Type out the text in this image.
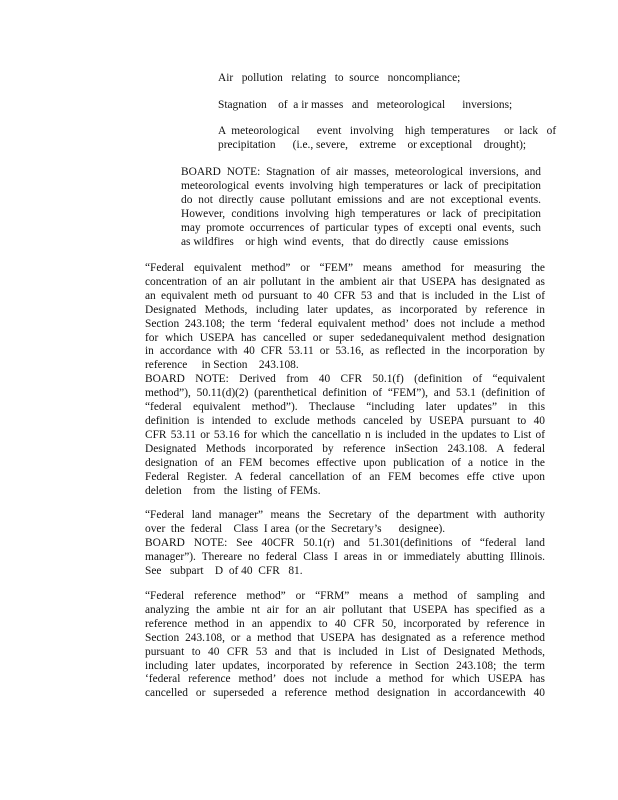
Air   pollution   relating   to  source   noncompliance;
Stagnation    of  a ir masses   and   meteorological      inversions;
A  meteorological      event   involving    high  temperatures     or  lack   of
precipitation      (i.e., severe,    extreme    or exceptional    drought);
BOARD NOTE: Stagnation of air masses, meteorological inversions, and
meteorological events involving high temperatures or lack of precipitation
do not directly cause pollutant emissions and are not exceptional events.
However, conditions involving high temperatures or lack of precipitation
may promote occurrences of particular types of excepti onal events, such
as wildfires    or high  wind  events,   that  do directly   cause  emissions
“Federal equivalent method” or “FEM” means amethod for measuring the
concentration of an air pollutant in the ambient air that USEPA has designated as
an equivalent meth od pursuant to 40 CFR 53 and that is included in the List of
Designated Methods, including later updates, as incorporated by reference in
Section 243.108; the term ‘federal equivalent method’ does not include a method
for which USEPA has cancelled or super sededanequivalent method designation
in accordance with 40 CFR 53.11 or 53.16, as reflected in the incorporation by
reference     in Section    243.108.
BOARD NOTE: Derived from 40 CFR 50.1(f) (definition of “equivalent
method”), 50.11(d)(2) (parenthetical definition of “FEM”), and 53.1 (definition of
“federal equivalent method”). Theclause “including later updates” in this
definition is intended to exclude methods canceled by USEPA pursuant to 40
CFR 53.11 or 53.16 for which the cancellatio n is included in the updates to List of
Designated Methods incorporated by reference inSection 243.108. A federal
designation of an FEM becomes effective upon publication of a notice in the
Federal Register. A federal cancellation of an FEM becomes effe ctive upon
deletion    from   the  listing  of FEMs.
“Federal land manager” means the Secretary of the department with authority
over  the  federal    Class  I area  (or the  Secretary’s      designee).
BOARD NOTE: See 40CFR 50.1(r) and 51.301(definitions of “federal land
manager”). Thereare no federal Class I areas in or immediately abutting Illinois.
See   subpart    D  of 40  CFR   81.
“Federal reference method” or “FRM” means a method of sampling and
analyzing the ambie nt air for an air pollutant that USEPA has specified as a
reference method in an appendix to 40 CFR 50, incorporated by reference in
Section 243.108, or a method that USEPA has designated as a reference method
pursuant to 40 CFR 53 and that is included in List of Designated Methods,
including later updates, incorporated by reference in Section 243.108; the term
‘federal reference method’ does not include a method for which USEPA has
cancelled or superseded a reference method designation in accordancewith 40
